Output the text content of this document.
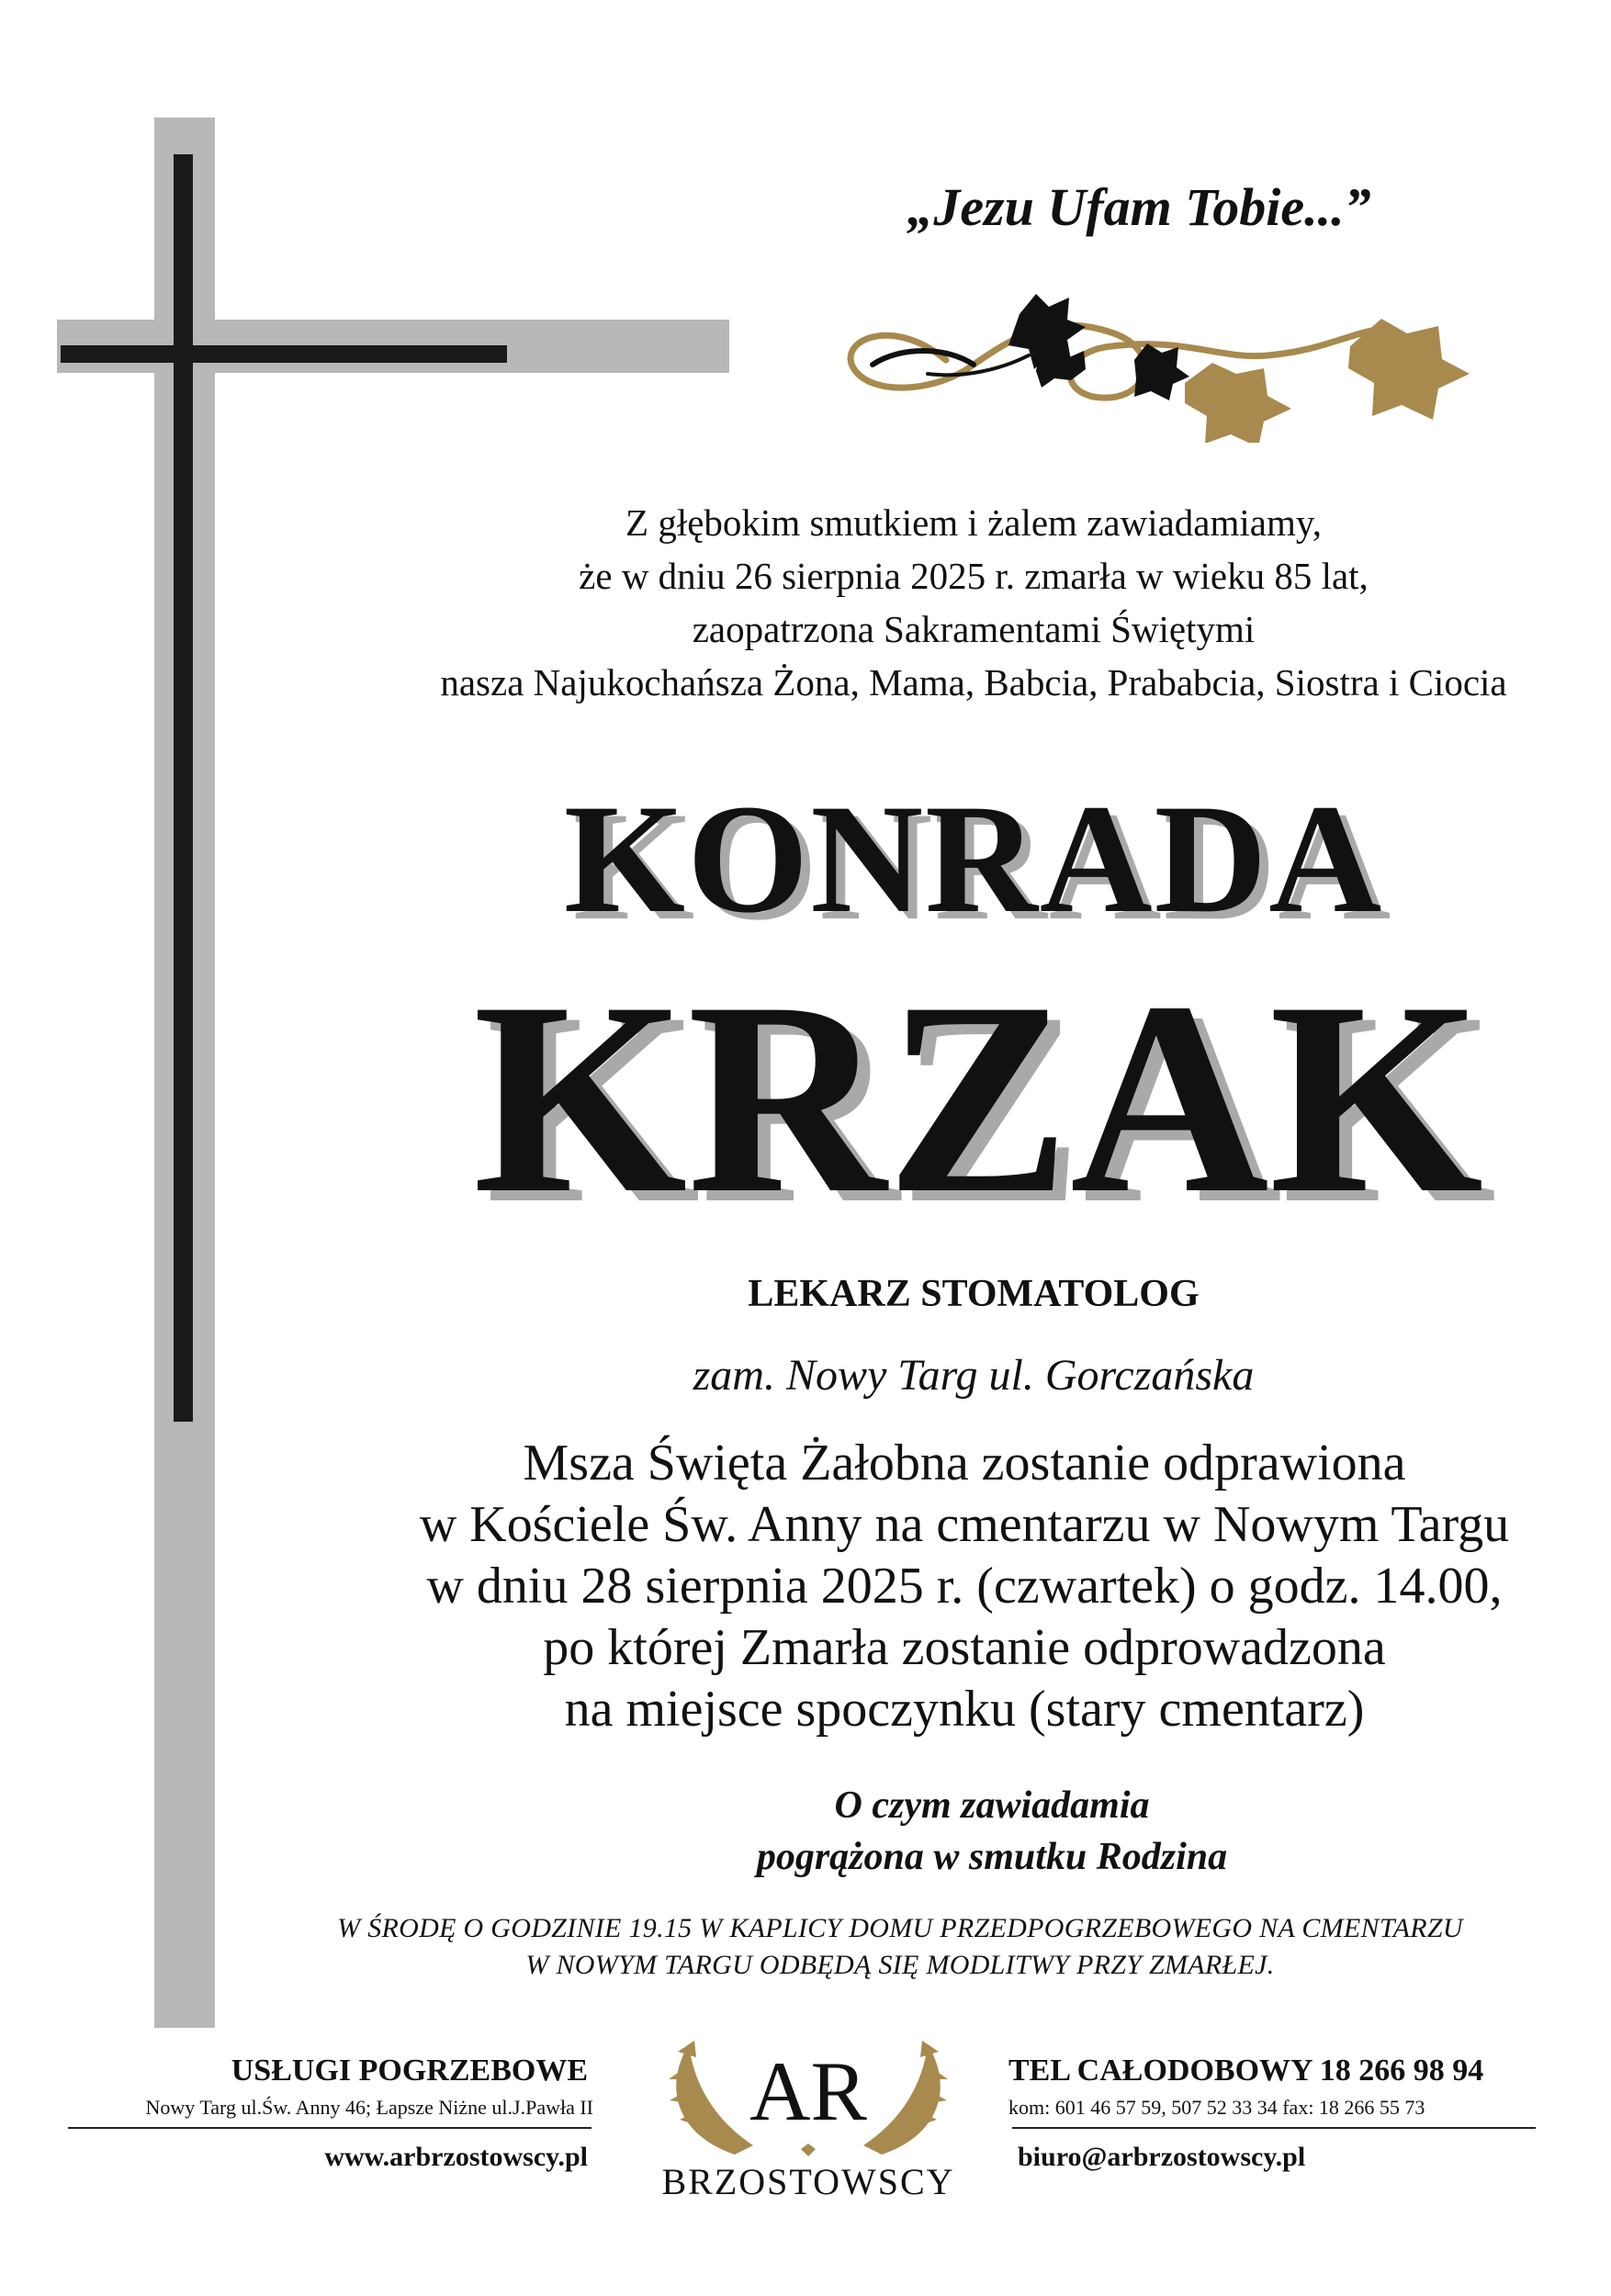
„Jezu Ufam Tobie...”
Z głębokim smutkiem i żalem zawiadamiamy,
że w dniu 26 sierpnia 2025 r. zmarła w wieku 85 lat,
zaopatrzona Sakramentami Świętymi
nasza Najukochańsza Żona, Mama, Babcia, Prababcia, Siostra i Ciocia
KONRADA
KRZAK
LEKARZ STOMATOLOG
zam. Nowy Targ ul. Gorczańska
Msza Święta Żałobna zostanie odprawiona
w Kościele Św. Anny na cmentarzu w Nowym Targu
w dniu 28 sierpnia 2025 r. (czwartek) o godz. 14.00,
po której Zmarła zostanie odprowadzona
na miejsce spoczynku (stary cmentarz)
O czym zawiadamia
pogrążona w smutku Rodzina
W ŚRODĘ O GODZINIE 19.15 W KAPLICY DOMU PRZEDPOGRZEBOWEGO NA CMENTARZU
W NOWYM TARGU ODBĘDĄ SIĘ MODLITWY PRZY ZMARŁEJ.
USŁUGI POGRZEBOWE
Nowy Targ ul.Św. Anny 46; Łapsze Niżne ul.J.Pawła II
www.arbrzostowscy.pl
AR
BRZOSTOWSCY
TEL CAŁODOBOWY 18 266 98 94
kom: 601 46 57 59, 507 52 33 34 fax: 18 266 55 73
biuro@arbrzostowscy.pl
